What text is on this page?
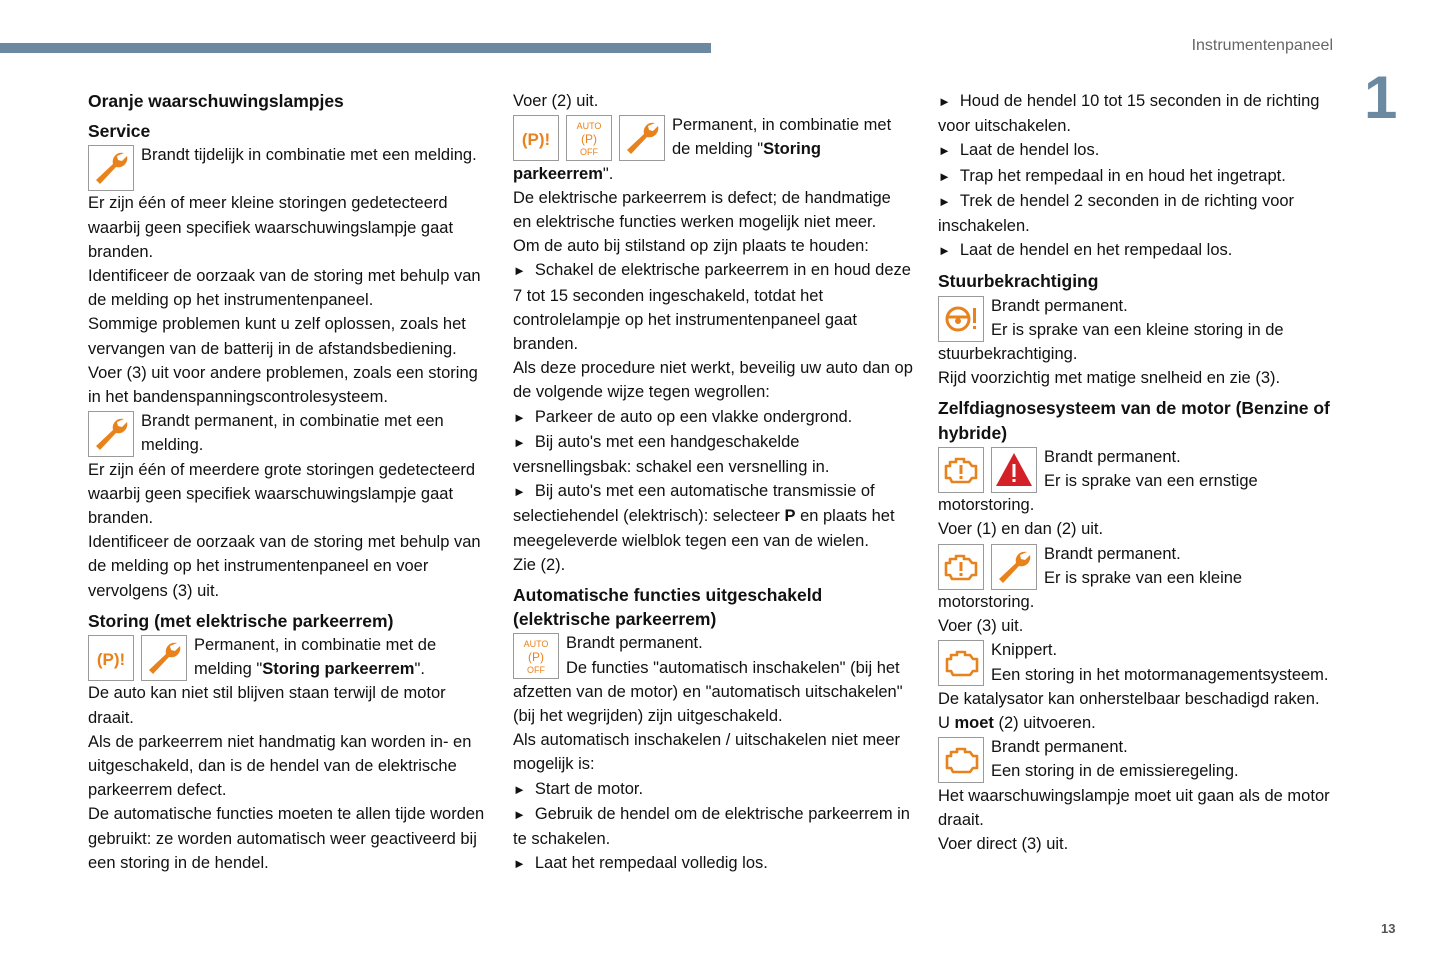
Instrumentenpaneel
1
13

Oranje waarschuwingslampjes

Service

Brandt tijdelijk in combinatie met een melding.

Er zijn één of meer kleine storingen gedetecteerd waarbij geen specifiek waarschuwingslampje gaat branden.

Identificeer de oorzaak van de storing met behulp van de melding op het instrumentenpaneel.

Sommige problemen kunt u zelf oplossen, zoals het vervangen van de batterij in de afstandsbediening.

Voer (3) uit voor andere problemen, zoals een storing in het bandenspanningscontrolesysteem.

Brandt permanent, in combinatie met een melding.

Er zijn één of meerdere grote storingen gedetecteerd waarbij geen specifiek waarschuwingslampje gaat branden.

Identificeer de oorzaak van de storing met behulp van de melding op het instrumentenpaneel en voer vervolgens (3) uit.

Storing (met elektrische parkeerrem)

(P)!
Permanent, in combinatie met de melding "Storing parkeerrem".

De auto kan niet stil blijven staan terwijl de motor draait.

Als de parkeerrem niet handmatig kan worden in- en uitgeschakeld, dan is de hendel van de elektrische parkeerrem defect.

De automatische functies moeten te allen tijde worden gebruikt: ze worden automatisch weer geactiveerd bij een storing in de hendel.

Voer (2) uit.

(P)!
AUTO
(P)
OFF
Permanent, in combinatie met de melding "Storing parkeerrem".

De elektrische parkeerrem is defect; de handmatige en elektrische functies werken mogelijk niet meer.

Om de auto bij stilstand op zijn plaats te houden:

► Schakel de elektrische parkeerrem in en houd deze 7 tot 15 seconden ingeschakeld, totdat het controlelampje op het instrumentenpaneel gaat branden.

Als deze procedure niet werkt, beveilig uw auto dan op de volgende wijze tegen wegrollen:

► Parkeer de auto op een vlakke ondergrond.

► Bij auto's met een handgeschakelde versnellingsbak: schakel een versnelling in.

► Bij auto's met een automatische transmissie of selectiehendel (elektrisch): selecteer P en plaats het meegeleverde wielblok tegen een van de wielen.

Zie (2).

Automatische functies uitgeschakeld (elektrische parkeerrem)

AUTO
(P)
OFF
Brandt permanent.
De functies "automatisch inschakelen" (bij het afzetten van de motor) en "automatisch uitschakelen" (bij het wegrijden) zijn uitgeschakeld.

Als automatisch inschakelen / uitschakelen niet meer mogelijk is:

► Start de motor.

► Gebruik de hendel om de elektrische parkeerrem in te schakelen.

► Laat het rempedaal volledig los.

► Houd de hendel 10 tot 15 seconden in de richting voor uitschakelen.

► Laat de hendel los.

► Trap het rempedaal in en houd het ingetrapt.

► Trek de hendel 2 seconden in de richting voor inschakelen.

► Laat de hendel en het rempedaal los.

Stuurbekrachtiging

Brandt permanent.
Er is sprake van een kleine storing in de stuurbekrachtiging.

Rijd voorzichtig met matige snelheid en zie (3).

Zelfdiagnosesysteem van de motor (Benzine of hybride)

Brandt permanent.
Er is sprake van een ernstige motorstoring.

Voer (1) en dan (2) uit.

Brandt permanent.
Er is sprake van een kleine motorstoring.

Voer (3) uit.

Knippert.
Een storing in het motormanagementsysteem.

De katalysator kan onherstelbaar beschadigd raken.

U moet (2) uitvoeren.

Brandt permanent.
Een storing in de emissieregeling.

Het waarschuwingslampje moet uit gaan als de motor draait.

Voer direct (3) uit.
